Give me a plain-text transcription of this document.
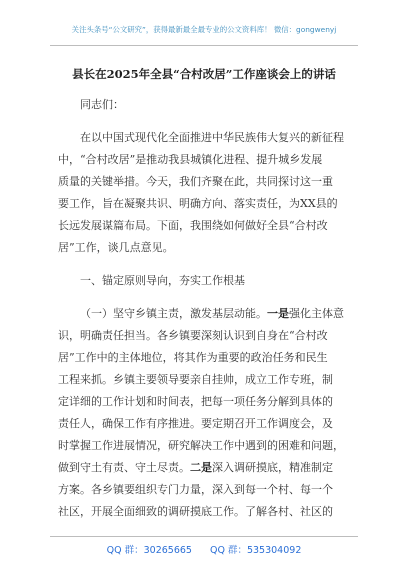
关注头条号“公文研究”，获得最新最全最专业的公文资料库！ 微信：gongwenyj
县长在2025年全县“合村改居”工作座谈会上的讲话
同志们：
在以中国式现代化全面推进中华民族伟大复兴的新征程
中，“合村改居”是推动我县城镇化进程、提升城乡发展
质量的关键举措。今天，我们齐聚在此，共同探讨这一重
要工作，旨在凝聚共识、明确方向、落实责任，为XX县的
长远发展谋篇布局。下面，我围绕如何做好全县“合村改
居”工作，谈几点意见。
一、锚定原则导向，夯实工作根基
（一）坚守乡镇主责，激发基层动能。一是强化主体意
识，明确责任担当。各乡镇要深刻认识到自身在“合村改
居”工作中的主体地位，将其作为重要的政治任务和民生
工程来抓。乡镇主要领导要亲自挂帅，成立工作专班，制
定详细的工作计划和时间表，把每一项任务分解到具体的
责任人，确保工作有序推进。要定期召开工作调度会，及
时掌握工作进展情况，研究解决工作中遇到的困难和问题，
做到守土有责、守土尽责。二是深入调研摸底，精准制定
方案。各乡镇要组织专门力量，深入到每一个村、每一个
社区，开展全面细致的调研摸底工作。了解各村、社区的
QQ 群：30265665 QQ 群：535304092
